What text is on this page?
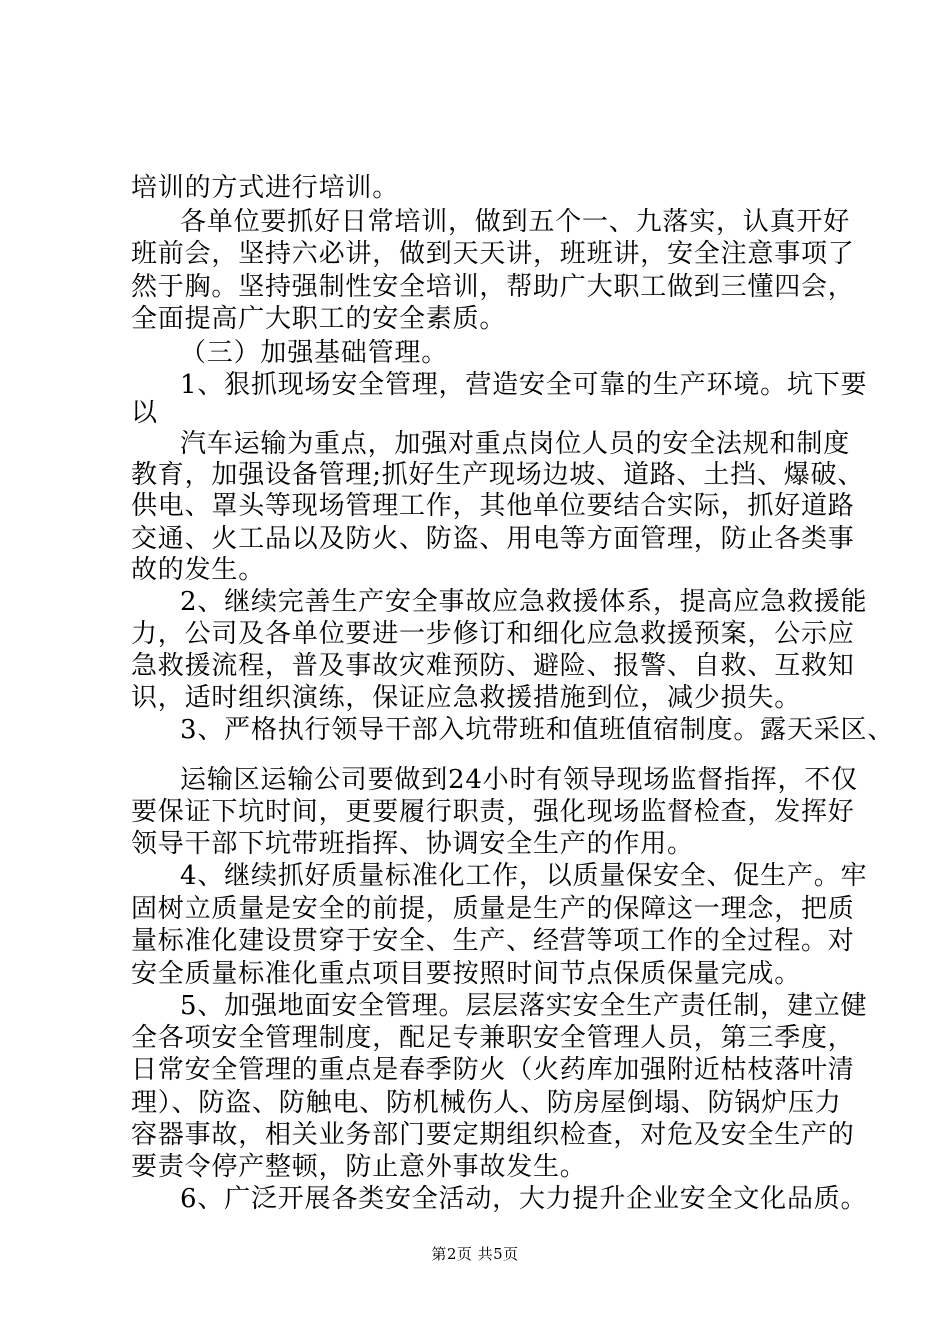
培训的方式进行培训。
各单位要抓好日常培训，做到五个一、九落实，认真开好
班前会，坚持六必讲，做到天天讲，班班讲，安全注意事项了
然于胸。坚持强制性安全培训，帮助广大职工做到三懂四会，
全面提高广大职工的安全素质。
（三）加强基础管理。
1、狠抓现场安全管理，营造安全可靠的生产环境。坑下要
以
汽车运输为重点，加强对重点岗位人员的安全法规和制度
教育，加强设备管理;抓好生产现场边坡、道路、土挡、爆破、
供电、罩头等现场管理工作，其他单位要结合实际，抓好道路
交通、火工品以及防火、防盗、用电等方面管理，防止各类事
故的发生。
2、继续完善生产安全事故应急救援体系，提高应急救援能
力，公司及各单位要进一步修订和细化应急救援预案，公示应
急救援流程，普及事故灾难预防、避险、报警、自救、互救知
识，适时组织演练，保证应急救援措施到位，减少损失。
3、严格执行领导干部入坑带班和值班值宿制度。露天采区、
运输区运输公司要做到24小时有领导现场监督指挥，不仅
要保证下坑时间，更要履行职责，强化现场监督检查，发挥好
领导干部下坑带班指挥、协调安全生产的作用。
4、继续抓好质量标准化工作，以质量保安全、促生产。牢
固树立质量是安全的前提，质量是生产的保障这一理念，把质
量标准化建设贯穿于安全、生产、经营等项工作的全过程。对
安全质量标准化重点项目要按照时间节点保质保量完成。
5、加强地面安全管理。层层落实安全生产责任制，建立健
全各项安全管理制度，配足专兼职安全管理人员，第三季度，
日常安全管理的重点是春季防火（火药库加强附近枯枝落叶清
理）、防盗、防触电、防机械伤人、防房屋倒塌、防锅炉压力
容器事故，相关业务部门要定期组织检查，对危及安全生产的
要责令停产整顿，防止意外事故发生。
6、广泛开展各类安全活动，大力提升企业安全文化品质。
第2页 共5页
